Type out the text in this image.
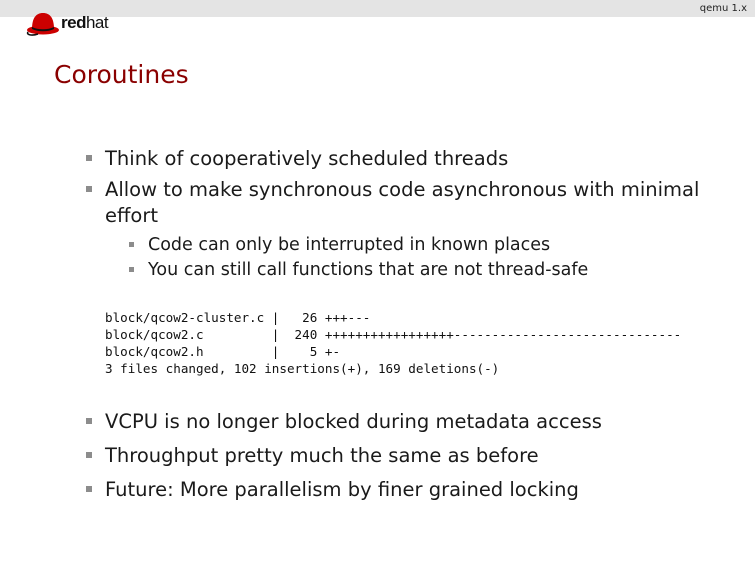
qemu 1.x
redhat
Coroutines
Think of cooperatively scheduled threads
Allow to make synchronous code asynchronous with minimal effort
Code can only be interrupted in known places
You can still call functions that are not thread-safe
block/qcow2-cluster.c |   26 +++---
block/qcow2.c         |  240 +++++++++++++++++------------------------------
block/qcow2.h         |    5 +-
3 files changed, 102 insertions(+), 169 deletions(-)
VCPU is no longer blocked during metadata access
Throughput pretty much the same as before
Future: More parallelism by finer grained locking
